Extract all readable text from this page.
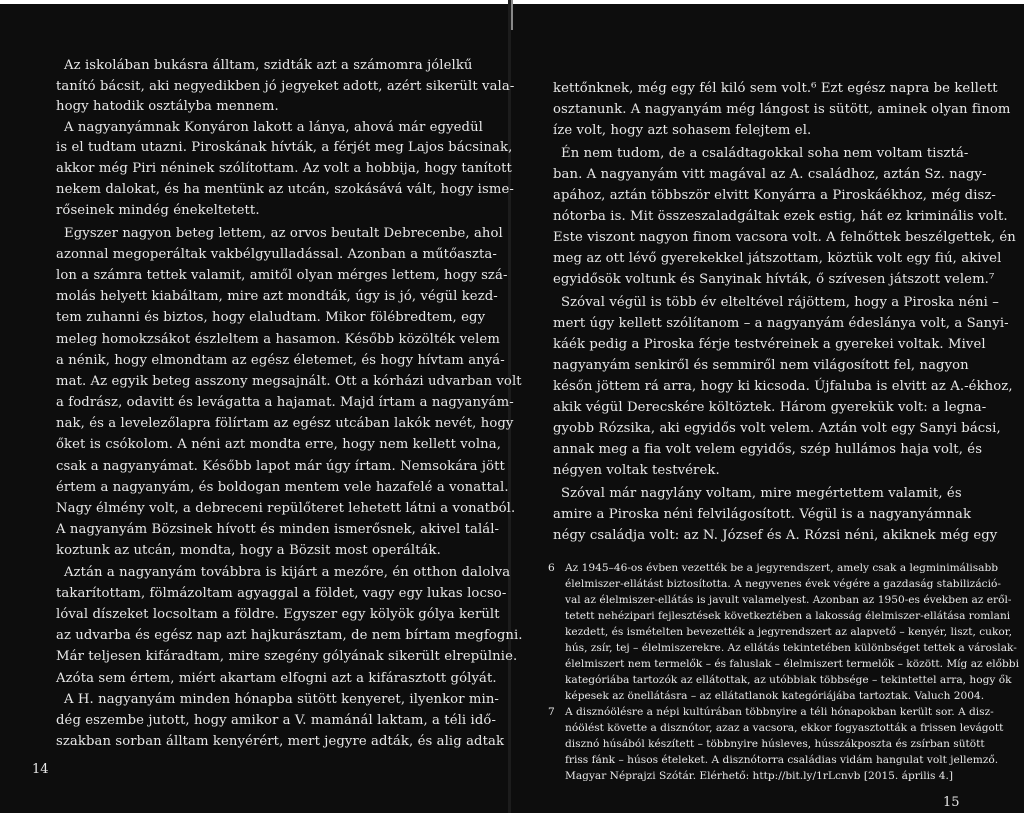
Az iskolában bukásra álltam, szidták azt a számomra jólelkű
tanító bácsit, aki negyedikben jó jegyeket adott, azért sikerült vala-
hogy hatodik osztályba mennem.
A nagyanyámnak Konyáron lakott a lánya, ahová már egyedül
is el tudtam utazni. Piroskának hívták, a férjét meg Lajos bácsinak,
akkor még Piri néninek szólítottam. Az volt a hobbija, hogy tanított
nekem dalokat, és ha mentünk az utcán, szokásává vált, hogy isme-
rőseinek mindég énekeltetett.
Egyszer nagyon beteg lettem, az orvos beutalt Debrecenbe, ahol
azonnal megoperáltak vakbélgyulladással. Azonban a műtőaszta-
lon a számra tettek valamit, amitől olyan mérges lettem, hogy szá-
molás helyett kiabáltam, mire azt mondták, úgy is jó, végül kezd-
tem zuhanni és biztos, hogy elaludtam. Mikor fölébredtem, egy
meleg homokzsákot észleltem a hasamon. Később közölték velem
a nénik, hogy elmondtam az egész életemet, és hogy hívtam anyá-
mat. Az egyik beteg asszony megsajnált. Ott a kórházi udvarban volt
a fodrász, odavitt és levágatta a hajamat. Majd írtam a nagyanyám-
nak, és a levelezőlapra fölírtam az egész utcában lakók nevét, hogy
őket is csókolom. A néni azt mondta erre, hogy nem kellett volna,
csak a nagyanyámat. Később lapot már úgy írtam. Nemsokára jött
értem a nagyanyám, és boldogan mentem vele hazafelé a vonattal.
Nagy élmény volt, a debreceni repülőteret lehetett látni a vonatból.
A nagyanyám Bözsinek hívott és minden ismerősnek, akivel talál-
koztunk az utcán, mondta, hogy a Bözsit most operálták.
Aztán a nagyanyám továbbra is kijárt a mezőre, én otthon dalolva
takarítottam, fölmázoltam agyaggal a földet, vagy egy lukas locso-
lóval díszeket locsoltam a földre. Egyszer egy kölyök gólya került
az udvarba és egész nap azt hajkurásztam, de nem bírtam megfogni.
Már teljesen kifáradtam, mire szegény gólyának sikerült elrepülnie.
Azóta sem értem, miért akartam elfogni azt a kifárasztott gólyát.
A H. nagyanyám minden hónapba sütött kenyeret, ilyenkor min-
dég eszembe jutott, hogy amikor a V. mamánál laktam, a téli idő-
szakban sorban álltam kenyérért, mert jegyre adták, és alig adtak
14
kettőnknek, még egy fél kiló sem volt.⁶ Ezt egész napra be kellett
osztanunk. A nagyanyám még lángost is sütött, aminek olyan finom
íze volt, hogy azt sohasem felejtem el.
Én nem tudom, de a családtagokkal soha nem voltam tisztá-
ban. A nagyanyám vitt magával az A. családhoz, aztán Sz. nagy-
apához, aztán többször elvitt Konyárra a Piroskáékhoz, még disz-
nótorba is. Mit összeszaladgáltak ezek estig, hát ez kriminális volt.
Este viszont nagyon finom vacsora volt. A felnőttek beszélgettek, én
meg az ott lévő gyerekekkel játszottam, köztük volt egy fiú, akivel
egyidősök voltunk és Sanyinak hívták, ő szívesen játszott velem.⁷
Szóval végül is több év elteltével rájöttem, hogy a Piroska néni –
mert úgy kellett szólítanom – a nagyanyám édeslánya volt, a Sanyi-
káék pedig a Piroska férje testvéreinek a gyerekei voltak. Mivel
nagyanyám senkiről és semmiről nem világosított fel, nagyon
későn jöttem rá arra, hogy ki kicsoda. Újfaluba is elvitt az A.-ékhoz,
akik végül Derecskére költöztek. Három gyerekük volt: a legna-
gyobb Rózsika, aki egyidős volt velem. Aztán volt egy Sanyi bácsi,
annak meg a fia volt velem egyidős, szép hullámos haja volt, és
négyen voltak testvérek.
Szóval már nagylány voltam, mire megértettem valamit, és
amire a Piroska néni felvilágosított. Végül is a nagyanyámnak
négy családja volt: az N. József és A. Rózsi néni, akiknek még egy
6 Az 1945–46-os évben vezették be a jegyrendszert, amely csak a legminimálisabb
élelmiszer-ellátást biztosította. A negyvenes évek végére a gazdaság stabilizáció-
val az élelmiszer-ellátás is javult valamelyest. Azonban az 1950-es években az eről-
tetett nehézipari fejlesztések következtében a lakosság élelmiszer-ellátása romlani
kezdett, és ismételten bevezették a jegyrendszert az alapvető – kenyér, liszt, cukor,
hús, zsír, tej – élelmiszerekre. Az ellátás tekintetében különbséget tettek a városlak-
élelmiszert nem termelők – és faluslak – élelmiszert termelők – között. Míg az előbbi
kategóriába tartozók az ellátottak, az utóbbiak többsége – tekintettel arra, hogy ők
képesek az önellátásra – az ellátatlanok kategóriájába tartoztak. Valuch 2004.
7 A disznóölésre a népi kultúrában többnyire a téli hónapokban került sor. A disz-
nóölést követte a disznótor, azaz a vacsora, ekkor fogyasztották a frissen levágott
disznó húsából készített – többnyire húsleves, hússzákposzta és zsírban sütött
friss fánk – húsos ételeket. A disznótorra családias vidám hangulat volt jellemző.
Magyar Néprajzi Szótár. Elérhető: http://bit.ly/1rLcnvb [2015. április 4.]
15
